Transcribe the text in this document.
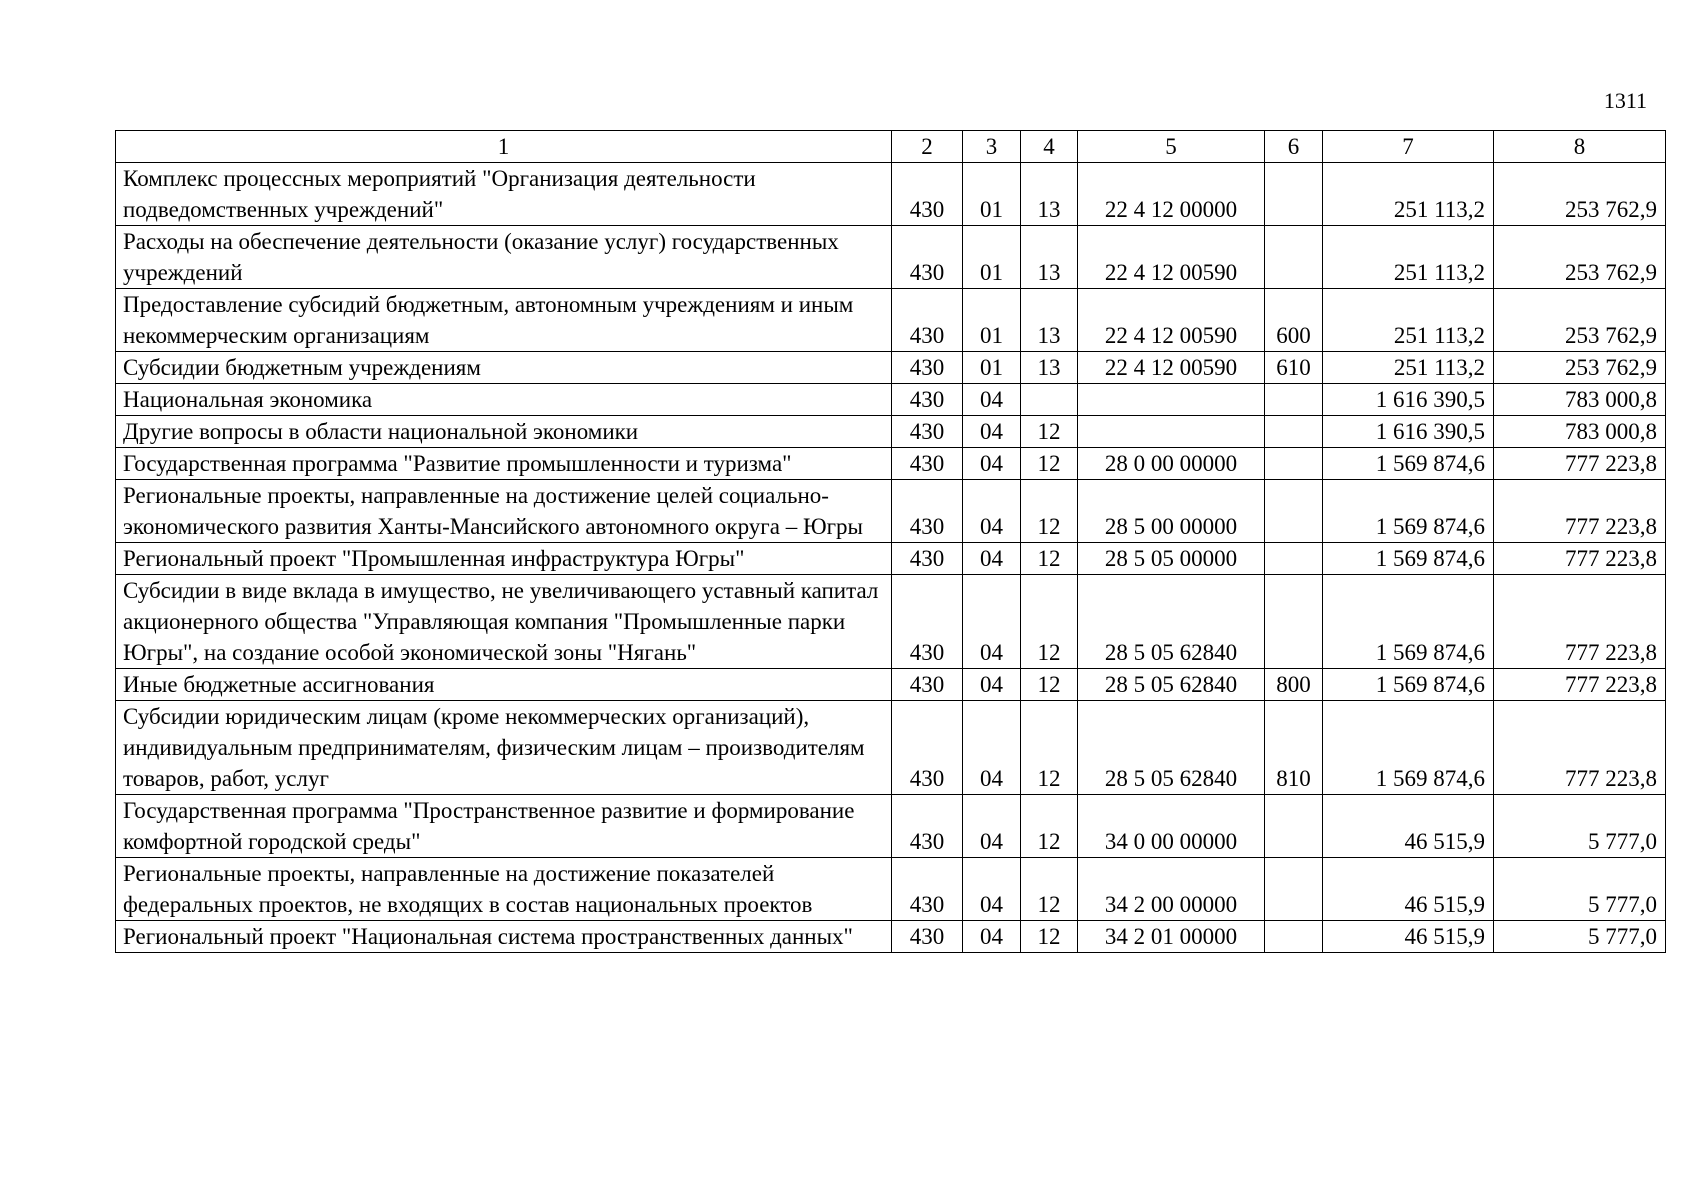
1311
1	2	3	4	5	6	7	8
Комплекс процессных мероприятий "Организация деятельности подведомственных учреждений"	430	01	13	22 4 12 00000		251 113,2	253 762,9
Расходы на обеспечение деятельности (оказание услуг) государственных учреждений	430	01	13	22 4 12 00590		251 113,2	253 762,9
Предоставление субсидий бюджетным, автономным учреждениям и иным некоммерческим организациям	430	01	13	22 4 12 00590	600	251 113,2	253 762,9
Субсидии бюджетным учреждениям	430	01	13	22 4 12 00590	610	251 113,2	253 762,9
Национальная экономика	430	04				1 616 390,5	783 000,8
Другие вопросы в области национальной экономики	430	04	12			1 616 390,5	783 000,8
Государственная программа "Развитие промышленности и туризма"	430	04	12	28 0 00 00000		1 569 874,6	777 223,8
Региональные проекты, направленные на достижение целей социально-экономического развития Ханты-Мансийского автономного округа – Югры	430	04	12	28 5 00 00000		1 569 874,6	777 223,8
Региональный проект "Промышленная инфраструктура Югры"	430	04	12	28 5 05 00000		1 569 874,6	777 223,8
Субсидии в виде вклада в имущество, не увеличивающего уставный капитал акционерного общества "Управляющая компания "Промышленные парки Югры", на создание особой экономической зоны "Нягань"	430	04	12	28 5 05 62840		1 569 874,6	777 223,8
Иные бюджетные ассигнования	430	04	12	28 5 05 62840	800	1 569 874,6	777 223,8
Субсидии юридическим лицам (кроме некоммерческих организаций), индивидуальным предпринимателям, физическим лицам – производителям товаров, работ, услуг	430	04	12	28 5 05 62840	810	1 569 874,6	777 223,8
Государственная программа "Пространственное развитие и формирование комфортной городской среды"	430	04	12	34 0 00 00000		46 515,9	5 777,0
Региональные проекты, направленные на достижение показателей федеральных проектов, не входящих в состав национальных проектов	430	04	12	34 2 00 00000		46 515,9	5 777,0
Региональный проект "Национальная система пространственных данных"	430	04	12	34 2 01 00000		46 515,9	5 777,0
